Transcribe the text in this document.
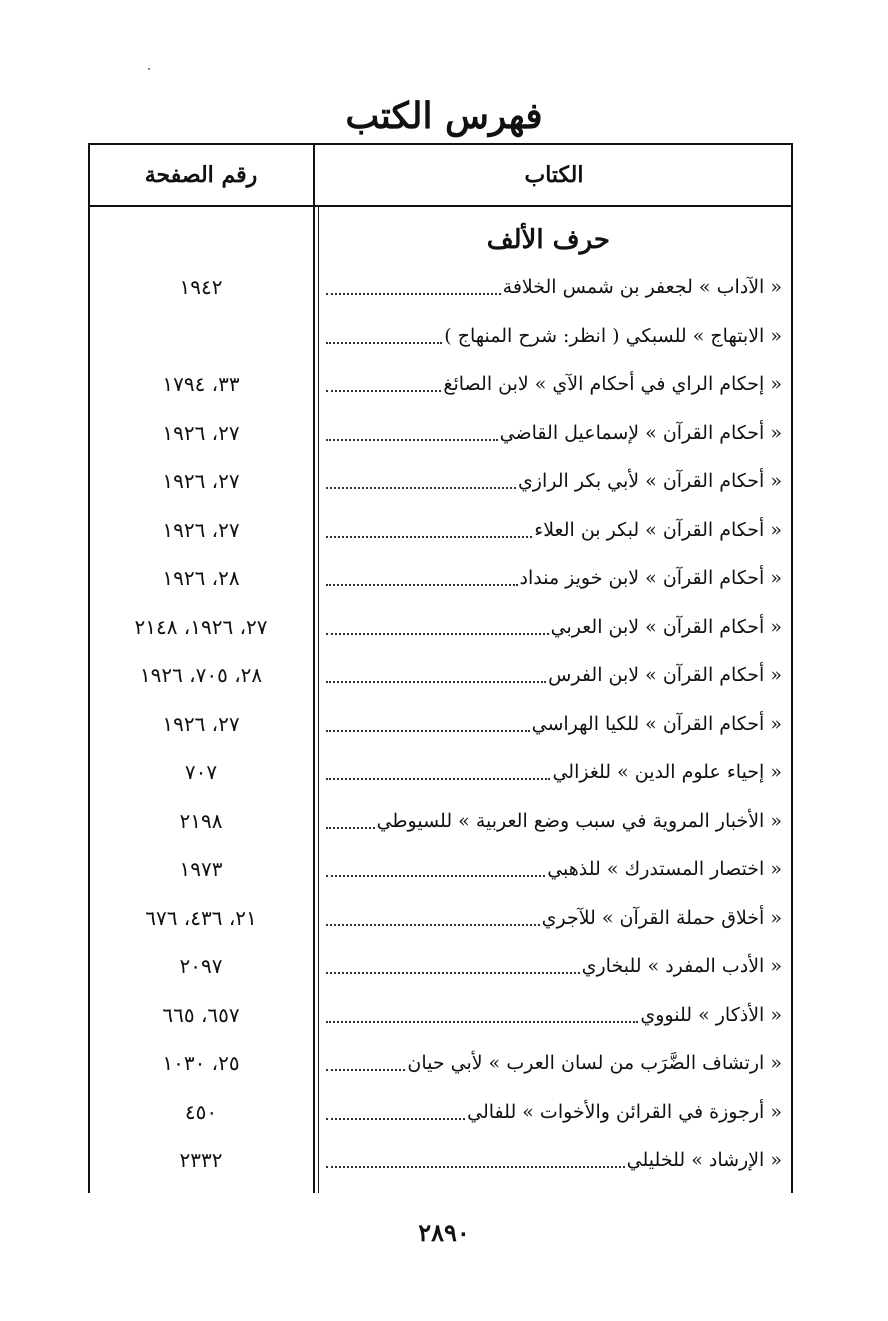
فهرس الكتب
الكتاب
رقم الصفحة
حرف الألف
« الآداب » لجعفر بن شمس الخلافة
١٩٤٢
« الابتهاج » للسبكي ( انظر: شرح المنهاج )
« إحكام الراي في أحكام الآي » لابن الصائغ
٣٣، ١٧٩٤
« أحكام القرآن » لإسماعيل القاضي
٢٧، ١٩٢٦
« أحكام القرآن » لأبي بكر الرازي
٢٧، ١٩٢٦
« أحكام القرآن » لبكر بن العلاء
٢٧، ١٩٢٦
« أحكام القرآن » لابن خويز منداد
٢٨، ١٩٢٦
« أحكام القرآن » لابن العربي
٢٧، ١٩٢٦، ٢١٤٨
« أحكام القرآن » لابن الفرس
٢٨، ٧٠٥، ١٩٢٦
« أحكام القرآن » للكيا الهراسي
٢٧، ١٩٢٦
« إحياء علوم الدين » للغزالي
٧٠٧
« الأخبار المروية في سبب وضع العربية » للسيوطي
٢١٩٨
« اختصار المستدرك » للذهبي
١٩٧٣
« أخلاق حملة القرآن » للآجري
٢١، ٤٣٦، ٦٧٦
« الأدب المفرد » للبخاري
٢٠٩٧
« الأذكار » للنووي
٦٥٧، ٦٦٥
« ارتشاف الضَّرَب من لسان العرب » لأبي حيان
٢٥، ١٠٣٠
« أرجوزة في القرائن والأخوات » للفالي
٤٥٠
« الإرشاد » للخليلي
٢٣٣٢
٢٨٩٠
